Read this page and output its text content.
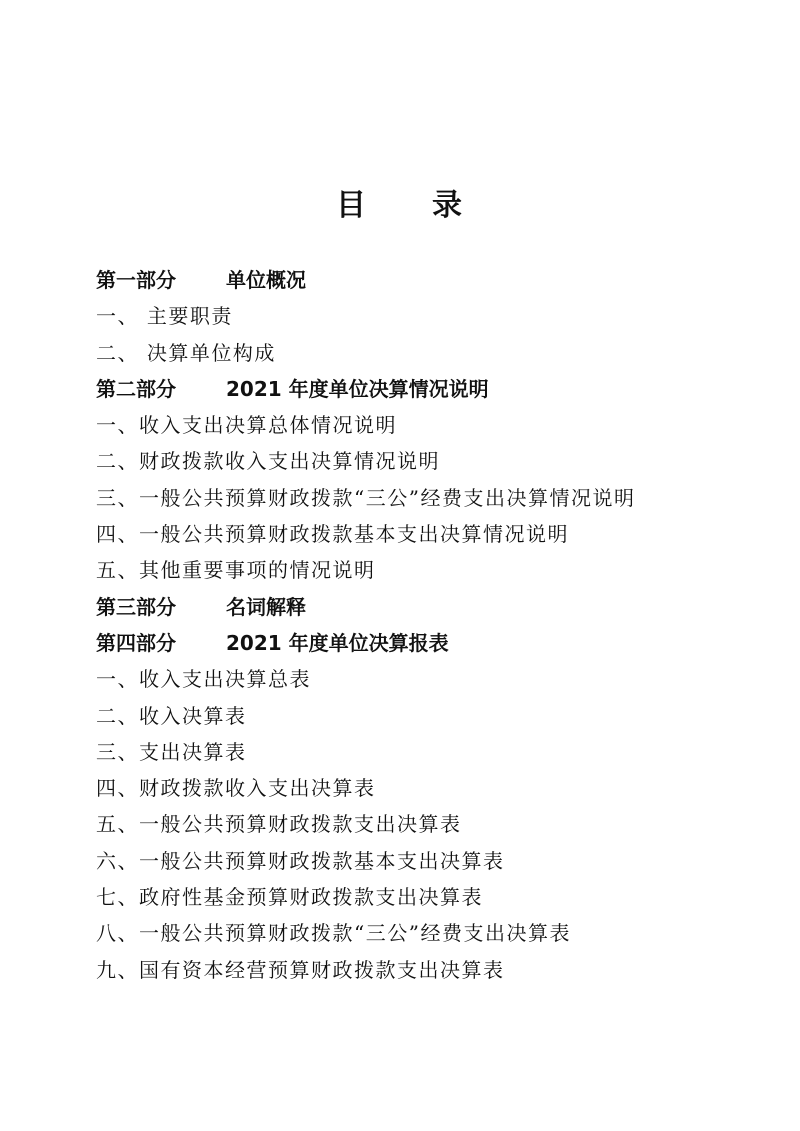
目 录
第一部分	单位概况
一、 主要职责
二、 决算单位构成
第二部分	2021 年度单位决算情况说明
一、收入支出决算总体情况说明
二、财政拨款收入支出决算情况说明
三、一般公共预算财政拨款“三公”经费支出决算情况说明
四、一般公共预算财政拨款基本支出决算情况说明
五、其他重要事项的情况说明
第三部分	名词解释
第四部分	2021 年度单位决算报表
一、收入支出决算总表
二、收入决算表
三、支出决算表
四、财政拨款收入支出决算表
五、一般公共预算财政拨款支出决算表
六、一般公共预算财政拨款基本支出决算表
七、政府性基金预算财政拨款支出决算表
八、一般公共预算财政拨款“三公”经费支出决算表
九、国有资本经营预算财政拨款支出决算表
